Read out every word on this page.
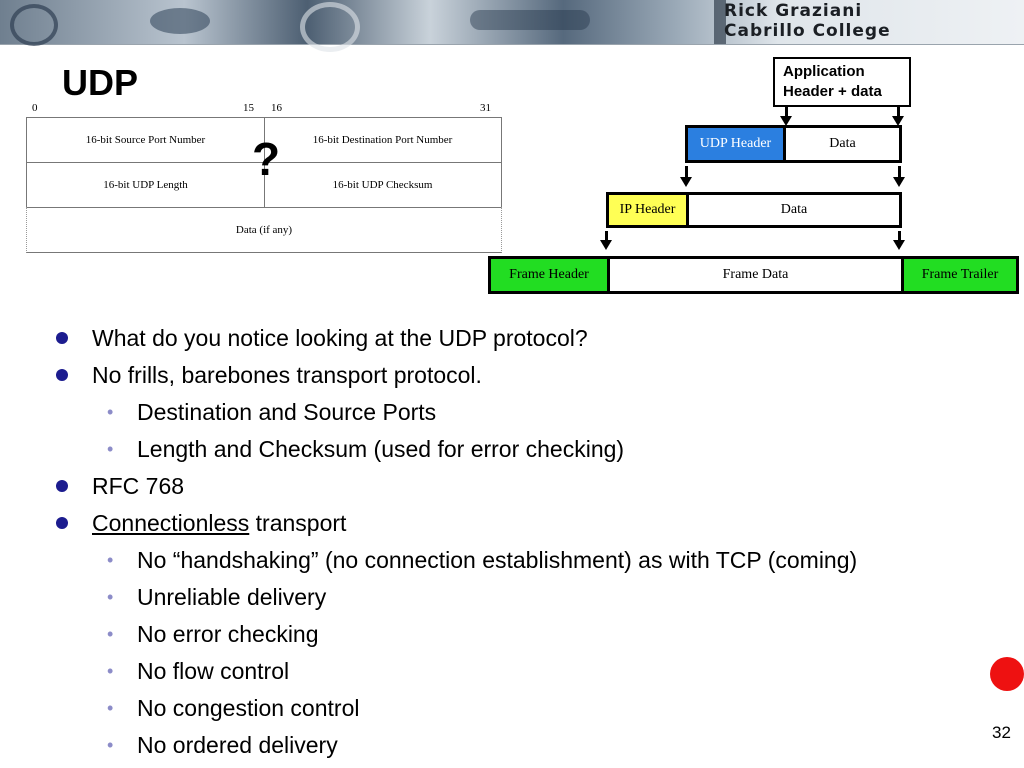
Rick Graziani
Cabrillo College
UDP
0	15 16	31
16-bit Source Port Number	16-bit Destination Port Number
16-bit UDP Length	16-bit UDP Checksum
Data (if any)
?
Application
Header + data
UDP Header	Data
IP Header	Data
Frame Header	Frame Data	Frame Trailer
What do you notice looking at the UDP protocol?
No frills, barebones transport protocol.
• Destination and Source Ports
• Length and Checksum (used for error checking)
RFC 768
Connectionless transport
• No “handshaking” (no connection establishment) as with TCP (coming)
• Unreliable delivery
• No error checking
• No flow control
• No congestion control
• No ordered delivery	32
